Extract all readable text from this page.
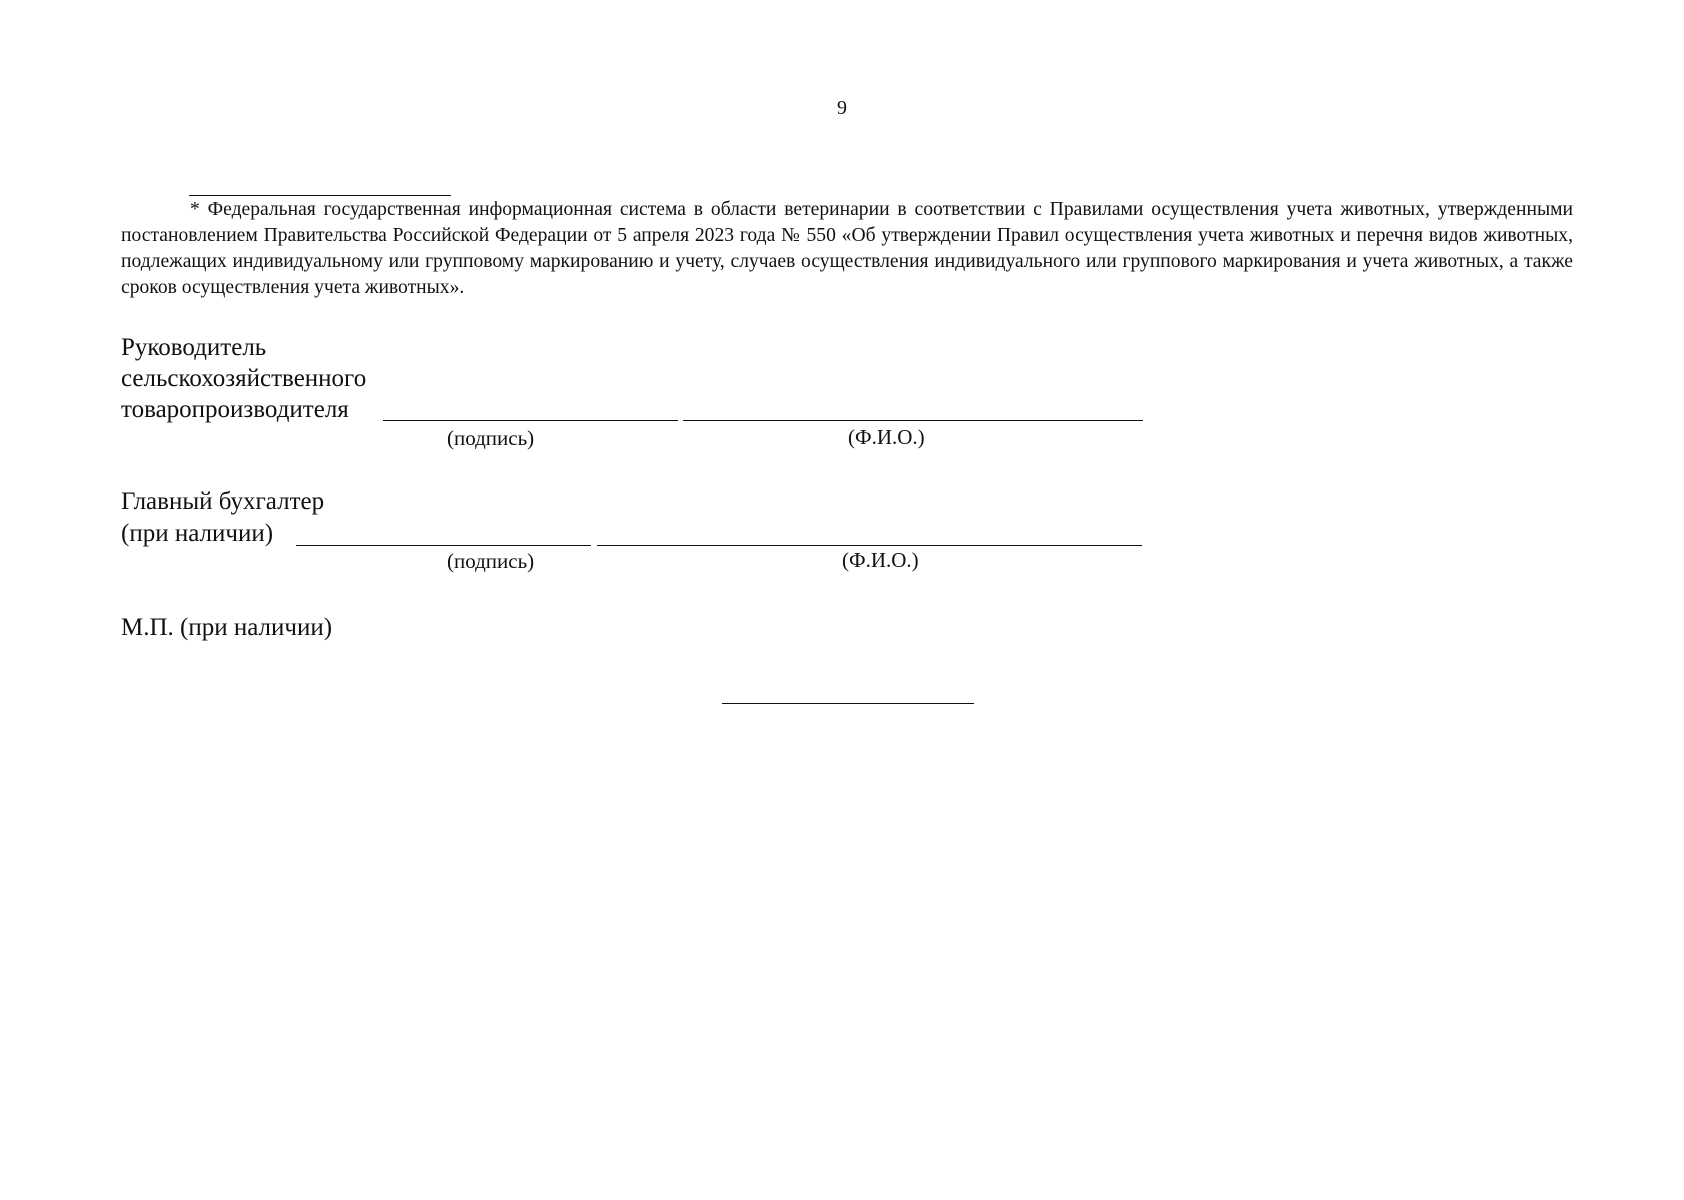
9

* Федеральная государственная информационная система в области ветеринарии в соответствии с Правилами осуществления учета животных, утвержденными постановлением Правительства Российской Федерации от 5 апреля 2023 года № 550 «Об утверждении Правил осуществления учета животных и перечня видов животных, подлежащих индивидуальному или групповому маркированию и учету, случаев осуществления индивидуального или группового маркирования и учета животных, а также сроков осуществления учета животных».

Руководитель
сельскохозяйственного
товаропроизводителя
(подпись)	(Ф.И.О.)
Главный бухгалтер
(при наличии)
(подпись)	(Ф.И.О.)
М.П. (при наличии)
